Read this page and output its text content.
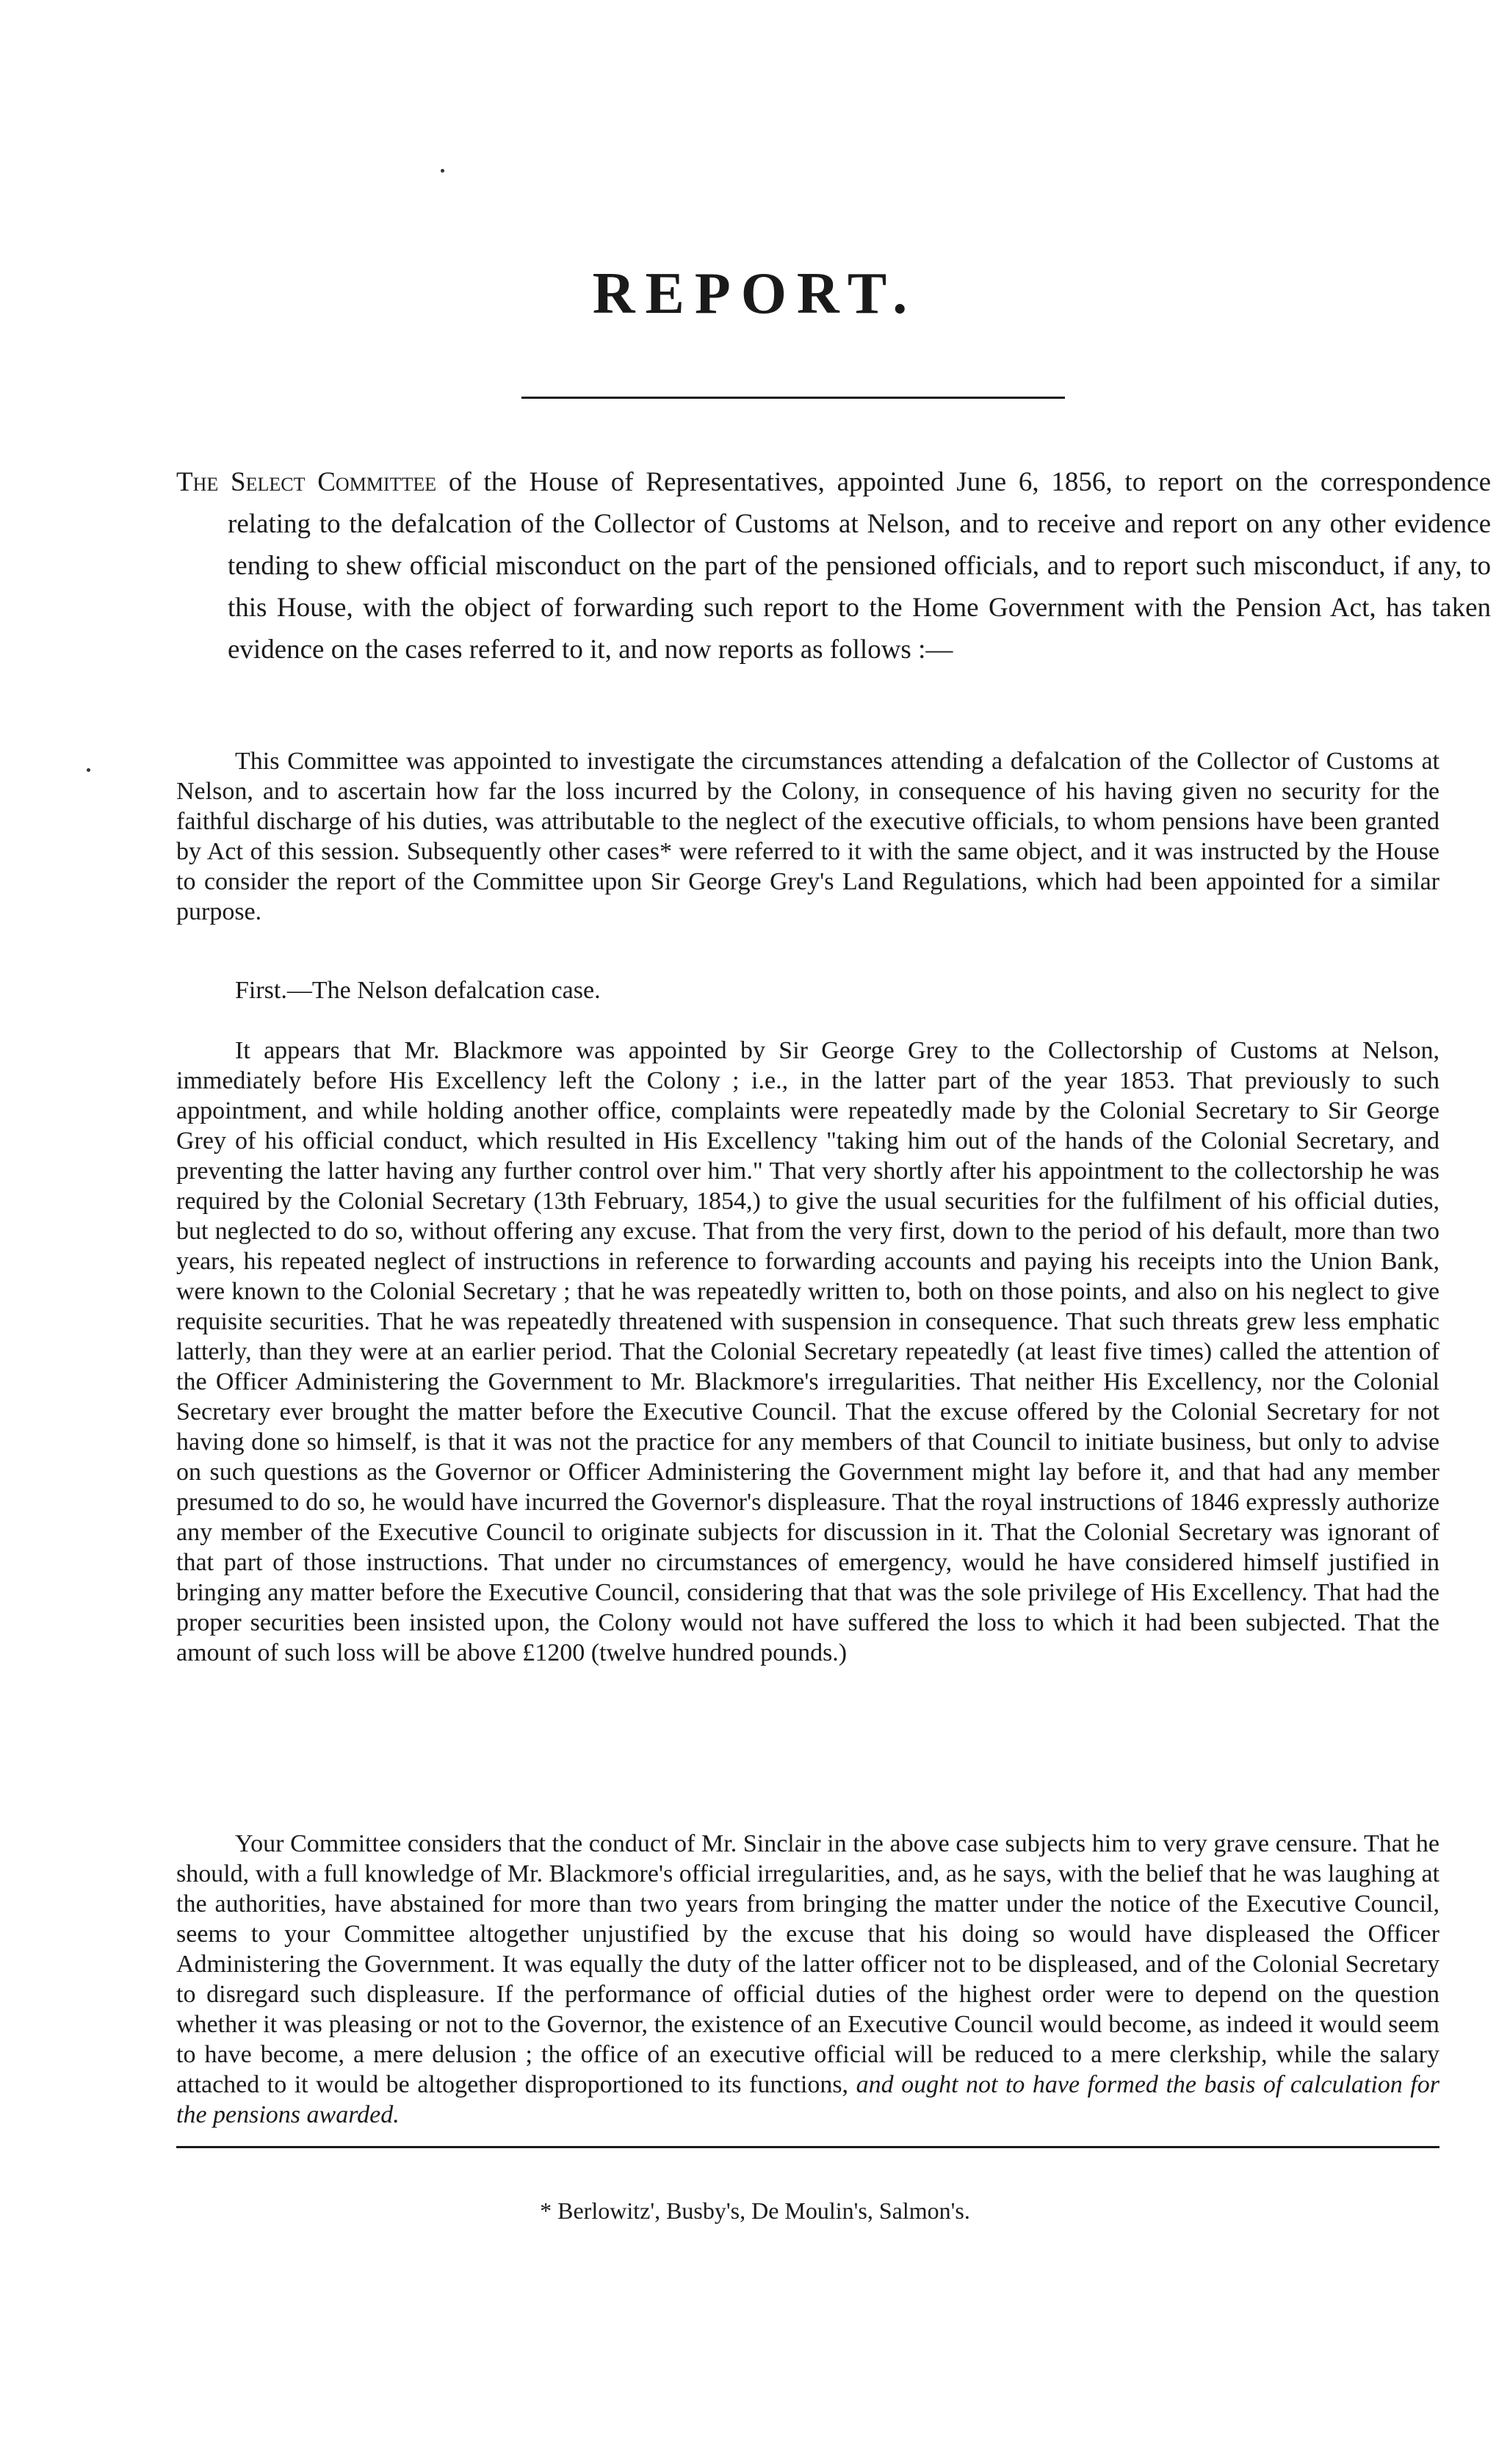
REPORT.

The Select Committee of the House of Representatives, appointed June 6, 1856, to report on the correspondence relating to the defalcation of the Collector of Customs at Nelson, and to receive and report on any other evidence tending to shew official misconduct on the part of the pensioned officials, and to report such misconduct, if any, to this House, with the object of forwarding such report to the Home Government with the Pension Act, has taken evidence on the cases referred to it, and now reports as follows :—

This Committee was appointed to investigate the circumstances attending a defalcation of the Collector of Customs at Nelson, and to ascertain how far the loss incurred by the Colony, in consequence of his having given no security for the faithful discharge of his duties, was attributable to the neglect of the executive officials, to whom pensions have been granted by Act of this session. Subsequently other cases* were referred to it with the same object, and it was instructed by the House to consider the report of the Committee upon Sir George Grey's Land Regulations, which had been appointed for a similar purpose.

First.—The Nelson defalcation case.

It appears that Mr. Blackmore was appointed by Sir George Grey to the Collectorship of Customs at Nelson, immediately before His Excellency left the Colony ; i.e., in the latter part of the year 1853. That previously to such appointment, and while holding another office, complaints were repeatedly made by the Colonial Secretary to Sir George Grey of his official conduct, which resulted in His Excellency "taking him out of the hands of the Colonial Secretary, and preventing the latter having any further control over him." That very shortly after his appointment to the collectorship he was required by the Colonial Secretary (13th February, 1854,) to give the usual securities for the fulfilment of his official duties, but neglected to do so, without offering any excuse. That from the very first, down to the period of his default, more than two years, his repeated neglect of instructions in reference to forwarding accounts and paying his receipts into the Union Bank, were known to the Colonial Secretary ; that he was repeatedly written to, both on those points, and also on his neglect to give requisite securities. That he was repeatedly threatened with suspension in consequence. That such threats grew less emphatic latterly, than they were at an earlier period. That the Colonial Secretary repeatedly (at least five times) called the attention of the Officer Administering the Government to Mr. Blackmore's irregularities. That neither His Excellency, nor the Colonial Secretary ever brought the matter before the Executive Council. That the excuse offered by the Colonial Secretary for not having done so himself, is that it was not the practice for any members of that Council to initiate business, but only to advise on such questions as the Governor or Officer Administering the Government might lay before it, and that had any member presumed to do so, he would have incurred the Governor's displeasure. That the royal instructions of 1846 expressly authorize any member of the Executive Council to originate subjects for discussion in it. That the Colonial Secretary was ignorant of that part of those instructions. That under no circumstances of emergency, would he have considered himself justified in bringing any matter before the Executive Council, considering that that was the sole privilege of His Excellency. That had the proper securities been insisted upon, the Colony would not have suffered the loss to which it had been subjected. That the amount of such loss will be above £1200 (twelve hundred pounds.)

Your Committee considers that the conduct of Mr. Sinclair in the above case subjects him to very grave censure. That he should, with a full knowledge of Mr. Blackmore's official irregularities, and, as he says, with the belief that he was laughing at the authorities, have abstained for more than two years from bringing the matter under the notice of the Executive Council, seems to your Committee altogether unjustified by the excuse that his doing so would have displeased the Officer Administering the Government. It was equally the duty of the latter officer not to be displeased, and of the Colonial Secretary to disregard such displeasure. If the performance of official duties of the highest order were to depend on the question whether it was pleasing or not to the Governor, the existence of an Executive Council would become, as indeed it would seem to have become, a mere delusion ; the office of an executive official will be reduced to a mere clerkship, while the salary attached to it would be altogether disproportioned to its functions, and ought not to have formed the basis of calculation for the pensions awarded.

* Berlowitz', Busby's, De Moulin's, Salmon's.
